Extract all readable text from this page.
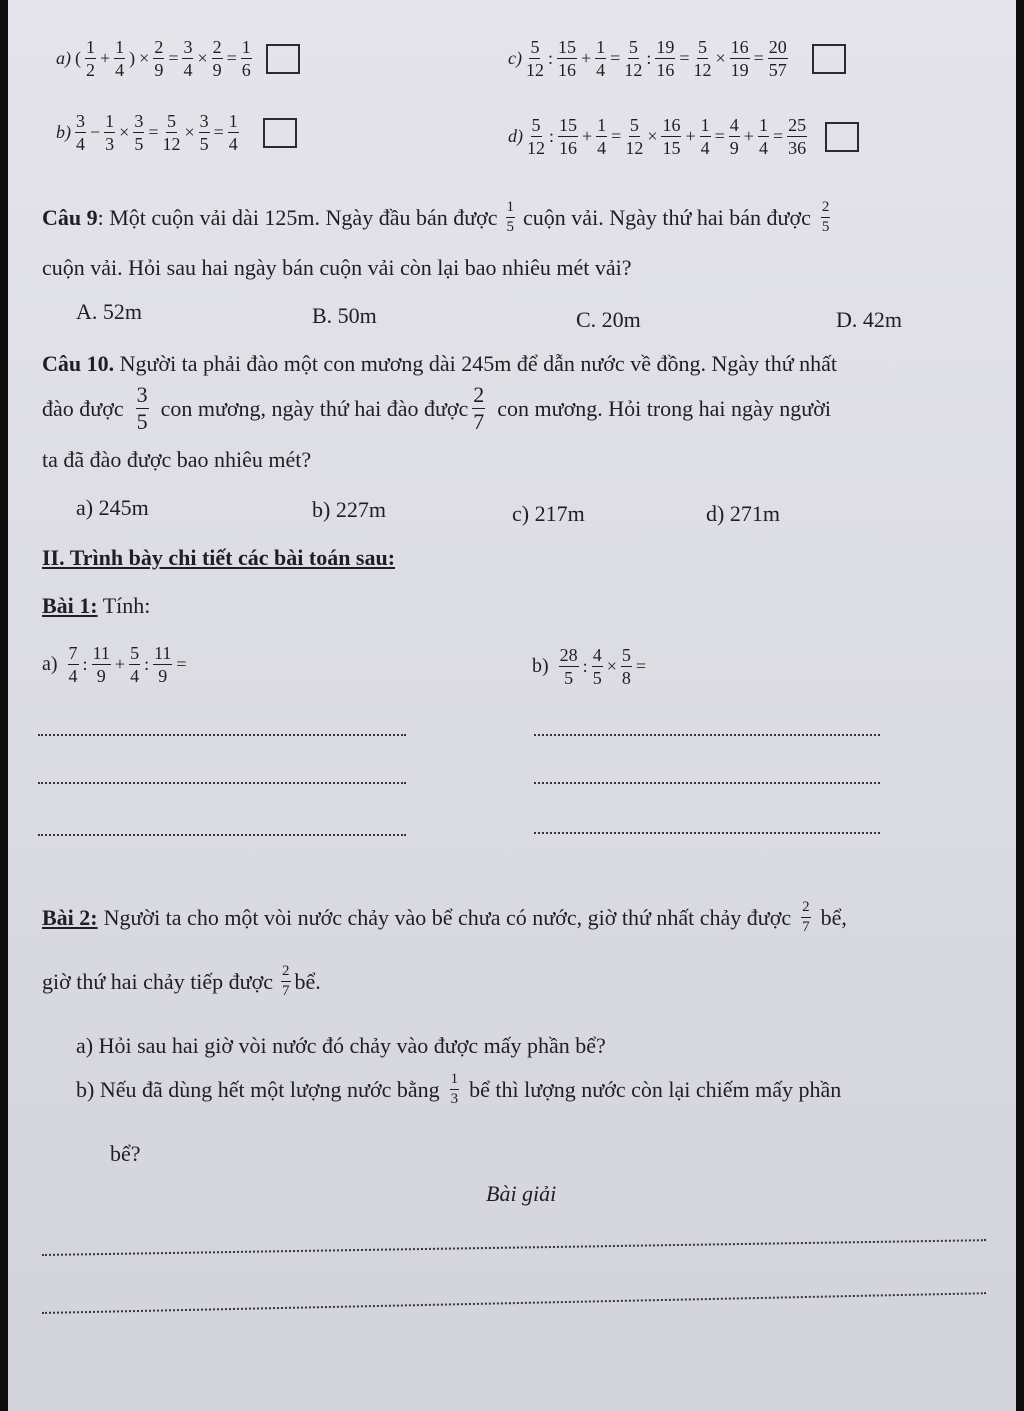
a) ( $\frac{1}{2} + \frac{1}{4}$ ) × $\frac{2}{9} = \frac{3}{4} \times \frac{2}{9} = \frac{1}{6}$	$c) \frac{5}{12}$ : $\frac{15}{16} + \frac{1}{4} = \frac{5}{12}$ : $\frac{19}{16} = \frac{5}{12} \times \frac{16}{19} = \frac{20}{57}$
$b) \frac{3}{4} - \frac{1}{3} \times \frac{3}{5} = \frac{5}{12} \times \frac{3}{5} = \frac{1}{4}$	$d) \frac{5}{12}$ : $\frac{15}{16} + \frac{1}{4} = \frac{5}{12} \times \frac{16}{15} + \frac{1}{4} = \frac{4}{9} + \frac{1}{4} = \frac{25}{36}$
Câu 9 : Một cuộn vải dài 125m. Ngày đầu bán được $\frac{1}{5}$ cuộn vải. Ngày thứ hai bán được $\frac{2}{5}$
cuộn vải. Hỏi sau hai ngày bán cuộn vải còn lại bao nhiêu mét vải?
A. 52m	B. 50m	C. 20m	D. 42m
Câu 10. Người ta phải đào một con mương dài 245m để dẫn nước về đồng. Ngày thứ nhất
đào được $\frac{3}{5}$ con mương, ngày thứ hai đào được $\frac{2}{7}$ con mương. Hỏi trong hai ngày người
ta đã đào được bao nhiêu mét?
a) 245m	b) 227m	c) 217m	d) 271m
II. Trình bày chi tiết các bài toán sau:
Bài 1: Tính:
$a) \frac{7}{4}$ : $\frac{11}{9} + \frac{5}{4}$ : $\frac{11}{9}$ =	$b) \frac{28}{5}$ : $\frac{4}{5} \times \frac{5}{8}$ =
Bài 2: Người ta cho một vòi nước chảy vào bể chưa có nước, giờ thứ nhất chảy được $\frac{2}{7}$ bể,
giờ thứ hai chảy tiếp được $\frac{2}{7}$ bể.
a) Hỏi sau hai giờ vòi nước đó chảy vào được mấy phần bể?
b) Nếu đã dùng hết một lượng nước bằng $\frac{1}{3}$ bể thì lượng nước còn lại chiếm mấy phần
bể?
Bài giải
